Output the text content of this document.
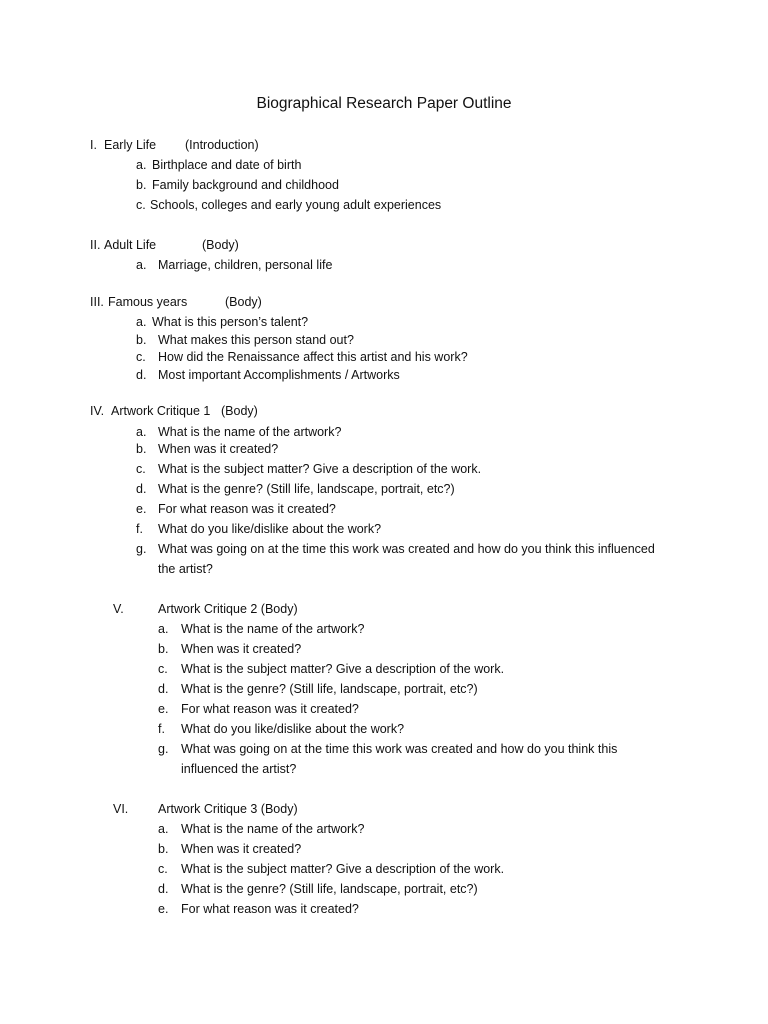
Biographical Research Paper Outline
I. Early Life (Introduction)
a. Birthplace and date of birth
b. Family background and childhood
c. Schools, colleges and early young adult experiences
II. Adult Life	(Body)
a. Marriage, children, personal life
III. Famous years	(Body)
a. What is this person’s talent?
b. What makes this person stand out?
c. How did the Renaissance affect this artist and his work?
d. Most important Accomplishments / Artworks
IV. Artwork Critique 1 (Body)
a. What is the name of the artwork?
b. When was it created?
c. What is the subject matter? Give a description of the work.
d. What is the genre? (Still life, landscape, portrait, etc?)
e. For what reason was it created?
f. What do you like/dislike about the work?
g. What was going on at the time this work was created and how do you think this influenced
the artist?
V.	Artwork Critique 2 (Body)
a. What is the name of the artwork?
b. When was it created?
c. What is the subject matter? Give a description of the work.
d. What is the genre? (Still life, landscape, portrait, etc?)
e. For what reason was it created?
f. What do you like/dislike about the work?
g. What was going on at the time this work was created and how do you think this
influenced the artist?
VI. Artwork Critique 3 (Body)
a. What is the name of the artwork?
b. When was it created?
c. What is the subject matter? Give a description of the work.
d. What is the genre? (Still life, landscape, portrait, etc?)
e. For what reason was it created?
